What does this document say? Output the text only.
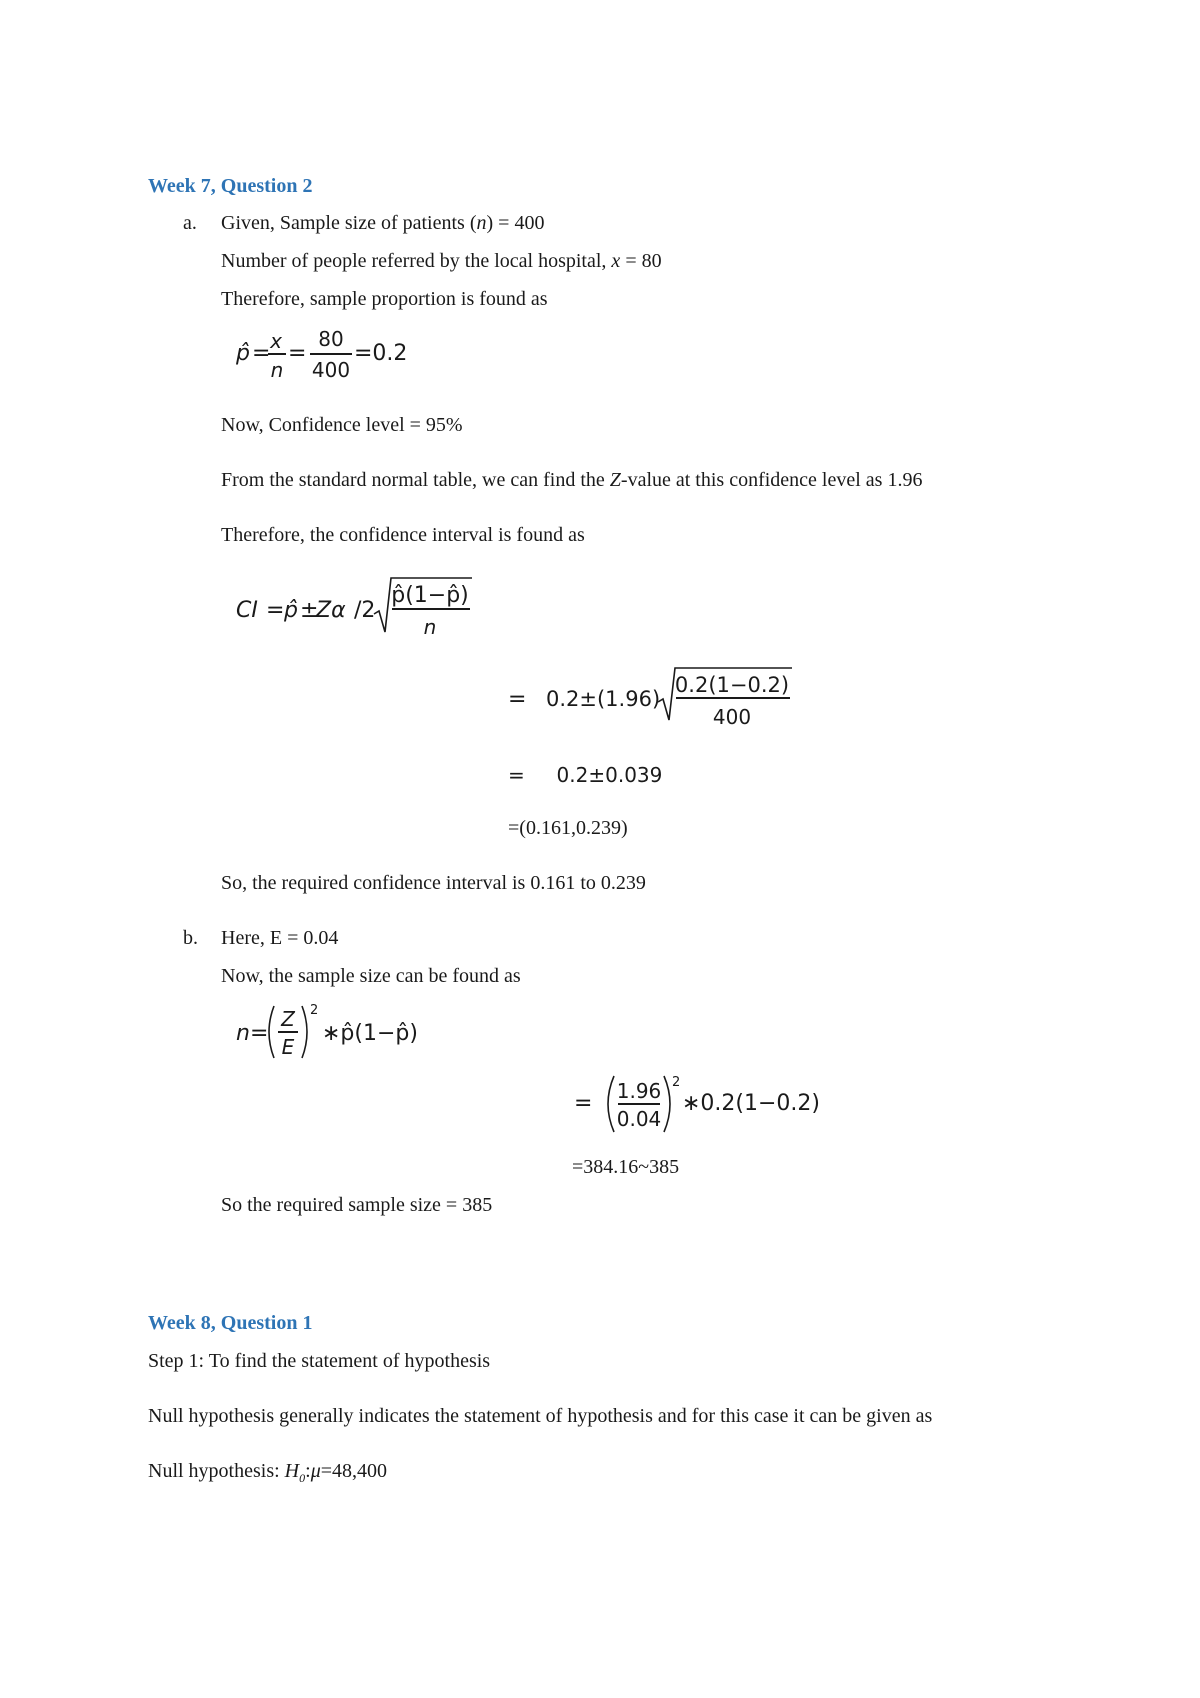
Week 7, Question 2
a. Given, Sample size of patients (n) = 400
Number of people referred by the local hospital, x = 80
Therefore, sample proportion is found as
p̂ = x
n
=
80
400
=0.2
Now, Confidence level = 95%
From the standard normal table, we can find the Z-value at this confidence level as 1.96
Therefore, the confidence interval is found as
CI = p̂ ±
Zα /2
p̂(1−p̂)
n
= 0.2±(1.96)
0.2(1−0.2)
400
=     0.2±0.039
=(0.161,0.239)
So, the required confidence interval is 0.161 to 0.239
b. Here, E = 0.04
Now, the sample size can be found as
n =
Z
E
2
∗p̂(1−p̂)
= 1.96
0.04
2
∗0.2(1−0.2)
=384.16~385
So the required sample size = 385
Week 8, Question 1
Step 1: To find the statement of hypothesis
Null hypothesis generally indicates the statement of hypothesis and for this case it can be given as
Null hypothesis: $H_0:\mu=48,400$
